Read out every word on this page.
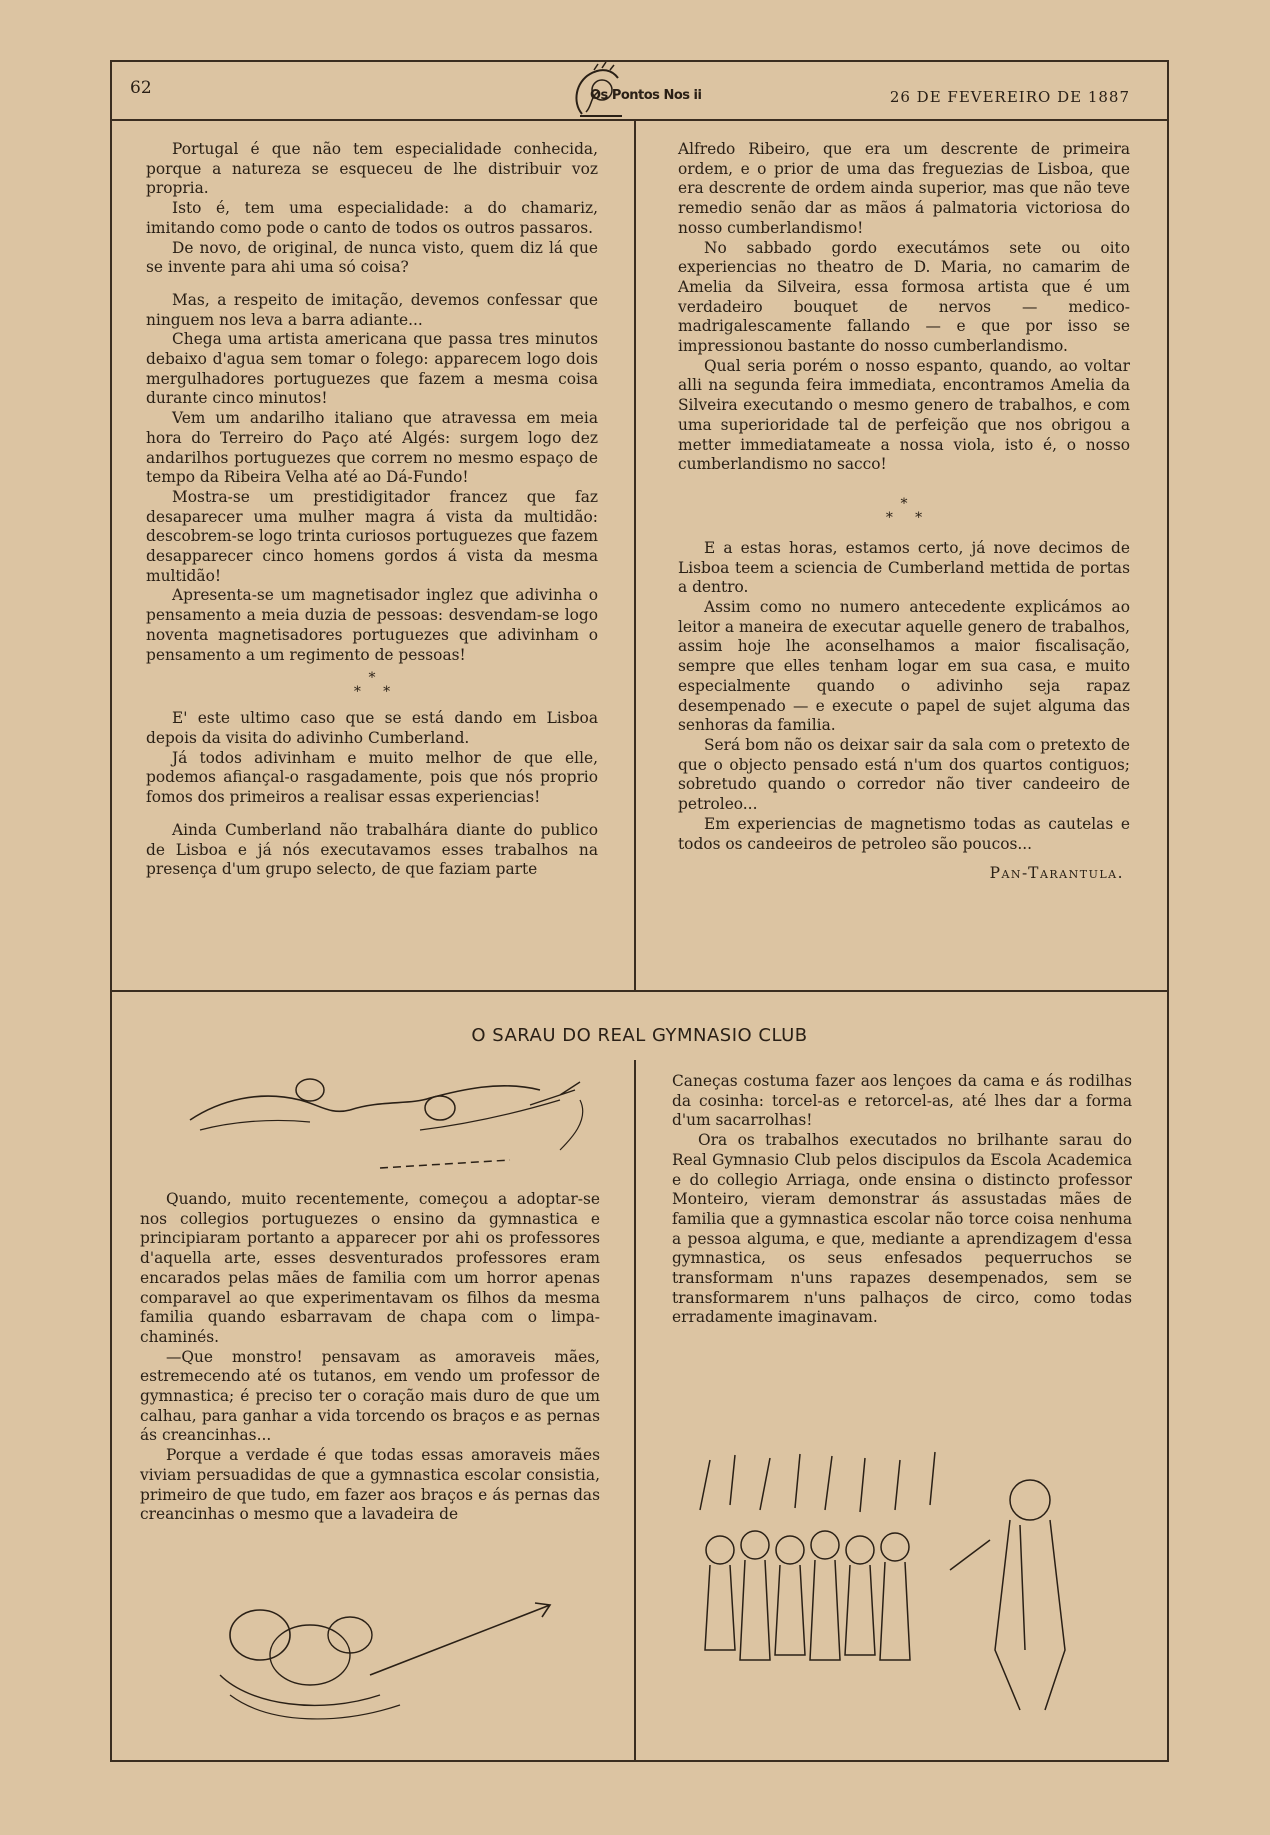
62	Os Pontos Nos ii	26 DE FEVEREIRO DE 1887

Portugal é que não tem especialidade conhecida, porque a natureza se esqueceu de lhe distribuir voz propria.

Isto é, tem uma especialidade: a do chamariz, imitando como pode o canto de todos os outros passaros.

De novo, de original, de nunca visto, quem diz lá que se invente para ahi uma só coisa?

Mas, a respeito de imitação, devemos confessar que ninguem nos leva a barra adiante...

Chega uma artista americana que passa tres minutos debaixo d'agua sem tomar o folego: apparecem logo dois mergulhadores portuguezes que fazem a mesma coisa durante cinco minutos!

Vem um andarilho italiano que atravessa em meia hora do Terreiro do Paço até Algés: surgem logo dez andarilhos portuguezes que correm no mesmo espaço de tempo da Ribeira Velha até ao Dá-Fundo!

Mostra-se um prestidigitador francez que faz desaparecer uma mulher magra á vista da multidão: descobrem-se logo trinta curiosos portuguezes que fazem desapparecer cinco homens gordos á vista da mesma multidão!

Apresenta-se um magnetisador inglez que adivinha o pensamento a meia duzia de pessoas: desvendam-se logo noventa magnetisadores portuguezes que adivinham o pensamento a um regimento de pessoas!

*
*     *

E' este ultimo caso que se está dando em Lisboa depois da visita do adivinho Cumberland.

Já todos adivinham e muito melhor de que elle, podemos afiançal-o rasgadamente, pois que nós proprio fomos dos primeiros a realisar essas experiencias!

Ainda Cumberland não trabalhára diante do publico de Lisboa e já nós executavamos esses trabalhos na presença d'um grupo selecto, de que faziam parte

Alfredo Ribeiro, que era um descrente de primeira ordem, e o prior de uma das freguezias de Lisboa, que era descrente de ordem ainda superior, mas que não teve remedio senão dar as mãos á palmatoria victoriosa do nosso cumberlandismo!

No sabbado gordo executámos sete ou oito experiencias no theatro de D. Maria, no camarim de Amelia da Silveira, essa formosa artista que é um verdadeiro bouquet de nervos — medico-madrigalescamente fallando — e que por isso se impressionou bastante do nosso cumberlandismo.

Qual seria porém o nosso espanto, quando, ao voltar alli na segunda feira immediata, encontramos Amelia da Silveira executando o mesmo genero de trabalhos, e com uma superioridade tal de perfeição que nos obrigou a metter immediatameate a nossa viola, isto é, o nosso cumberlandismo no sacco!

*
*     *

E a estas horas, estamos certo, já nove decimos de Lisboa teem a sciencia de Cumberland mettida de portas a dentro.

Assim como no numero antecedente explicámos ao leitor a maneira de executar aquelle genero de trabalhos, assim hoje lhe aconselhamos a maior fiscalisação, sempre que elles tenham logar em sua casa, e muito especialmente quando o adivinho seja rapaz desempenado — e execute o papel de sujet alguma das senhoras da familia.

Será bom não os deixar sair da sala com o pretexto de que o objecto pensado está n'um dos quartos contiguos; sobretudo quando o corredor não tiver candeeiro de petroleo...

Em experiencias de magnetismo todas as cautelas e todos os candeeiros de petroleo são poucos...

Pan-Tarantula.
O SARAU DO REAL GYMNASIO CLUB

Quando, muito recentemente, começou a adoptar-se nos collegios portuguezes o ensino da gymnastica e principiaram portanto a apparecer por ahi os professores d'aquella arte, esses desventurados professores eram encarados pelas mães de familia com um horror apenas comparavel ao que experimentavam os filhos da mesma familia quando esbarravam de chapa com o limpa-chaminés.

—Que monstro! pensavam as amoraveis mães, estremecendo até os tutanos, em vendo um professor de gymnastica; é preciso ter o coração mais duro de que um calhau, para ganhar a vida torcendo os braços e as pernas ás creancinhas...

Porque a verdade é que todas essas amoraveis mães viviam persuadidas de que a gymnastica escolar consistia, primeiro de que tudo, em fazer aos braços e ás pernas das creancinhas o mesmo que a lavadeira de

Caneças costuma fazer aos lençoes da cama e ás rodilhas da cosinha: torcel-as e retorcel-as, até lhes dar a forma d'um sacarrolhas!

Ora os trabalhos executados no brilhante sarau do Real Gymnasio Club pelos discipulos da Escola Academica e do collegio Arriaga, onde ensina o distincto professor Monteiro, vieram demonstrar ás assustadas mães de familia que a gymnastica escolar não torce coisa nenhuma a pessoa alguma, e que, mediante a aprendizagem d'essa gymnastica, os seus enfesados pequerruchos se transformam n'uns rapazes desempenados, sem se transformarem n'uns palhaços de circo, como todas erradamente imaginavam.
